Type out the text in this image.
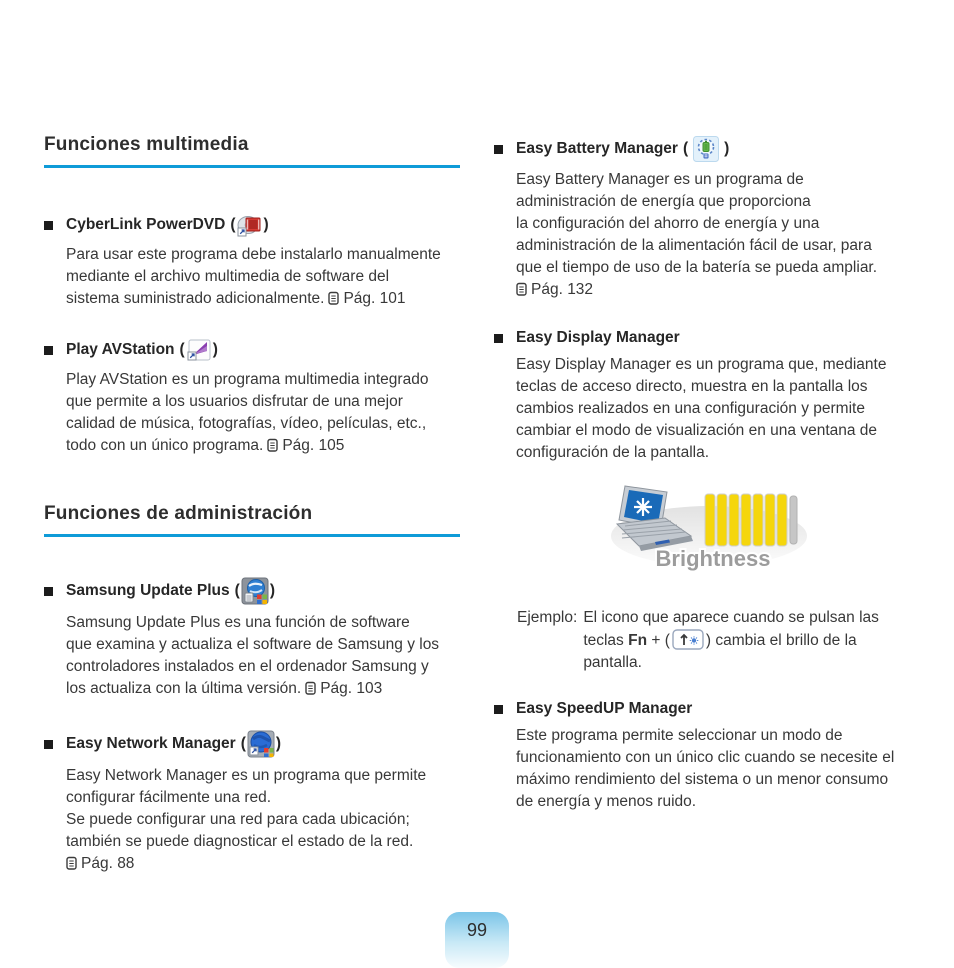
Funciones multimedia
CyberLink PowerDVD ( )
Para usar este programa debe instalarlo manualmente
mediante el archivo multimedia de software del
sistema suministrado adicionalmente. Pág. 101
Play AVStation ( )
Play AVStation es un programa multimedia integrado
que permite a los usuarios disfrutar de una mejor
calidad de música, fotografías, vídeo, películas, etc.,
todo con un único programa. Pág. 105
Funciones de administración
Samsung Update Plus ( )
Samsung Update Plus es una función de software
que examina y actualiza el software de Samsung y los
controladores instalados en el ordenador Samsung y
los actualiza con la última versión. Pág. 103
Easy Network Manager ( )
Easy Network Manager es un programa que permite
configurar fácilmente una red.
Se puede configurar una red para cada ubicación;
también se puede diagnosticar el estado de la red.
Pág. 88
Easy Battery Manager ( )
Easy Battery Manager es un programa de
administración de energía que proporciona
la configuración del ahorro de energía y una
administración de la alimentación fácil de usar, para
que el tiempo de uso de la batería se pueda ampliar.
Pág. 132
Easy Display Manager
Easy Display Manager es un programa que, mediante
teclas de acceso directo, muestra en la pantalla los
cambios realizados en una configuración y permite
cambiar el modo de visualización en una ventana de
configuración de la pantalla.
Brightness
Ejemplo: El icono que aparece cuando se pulsan las
teclas Fn + ( ) cambia el brillo de la
pantalla.
Easy SpeedUP Manager
Este programa permite seleccionar un modo de
funcionamiento con un único clic cuando se necesite el
máximo rendimiento del sistema o un menor consumo
de energía y menos ruido.
99
